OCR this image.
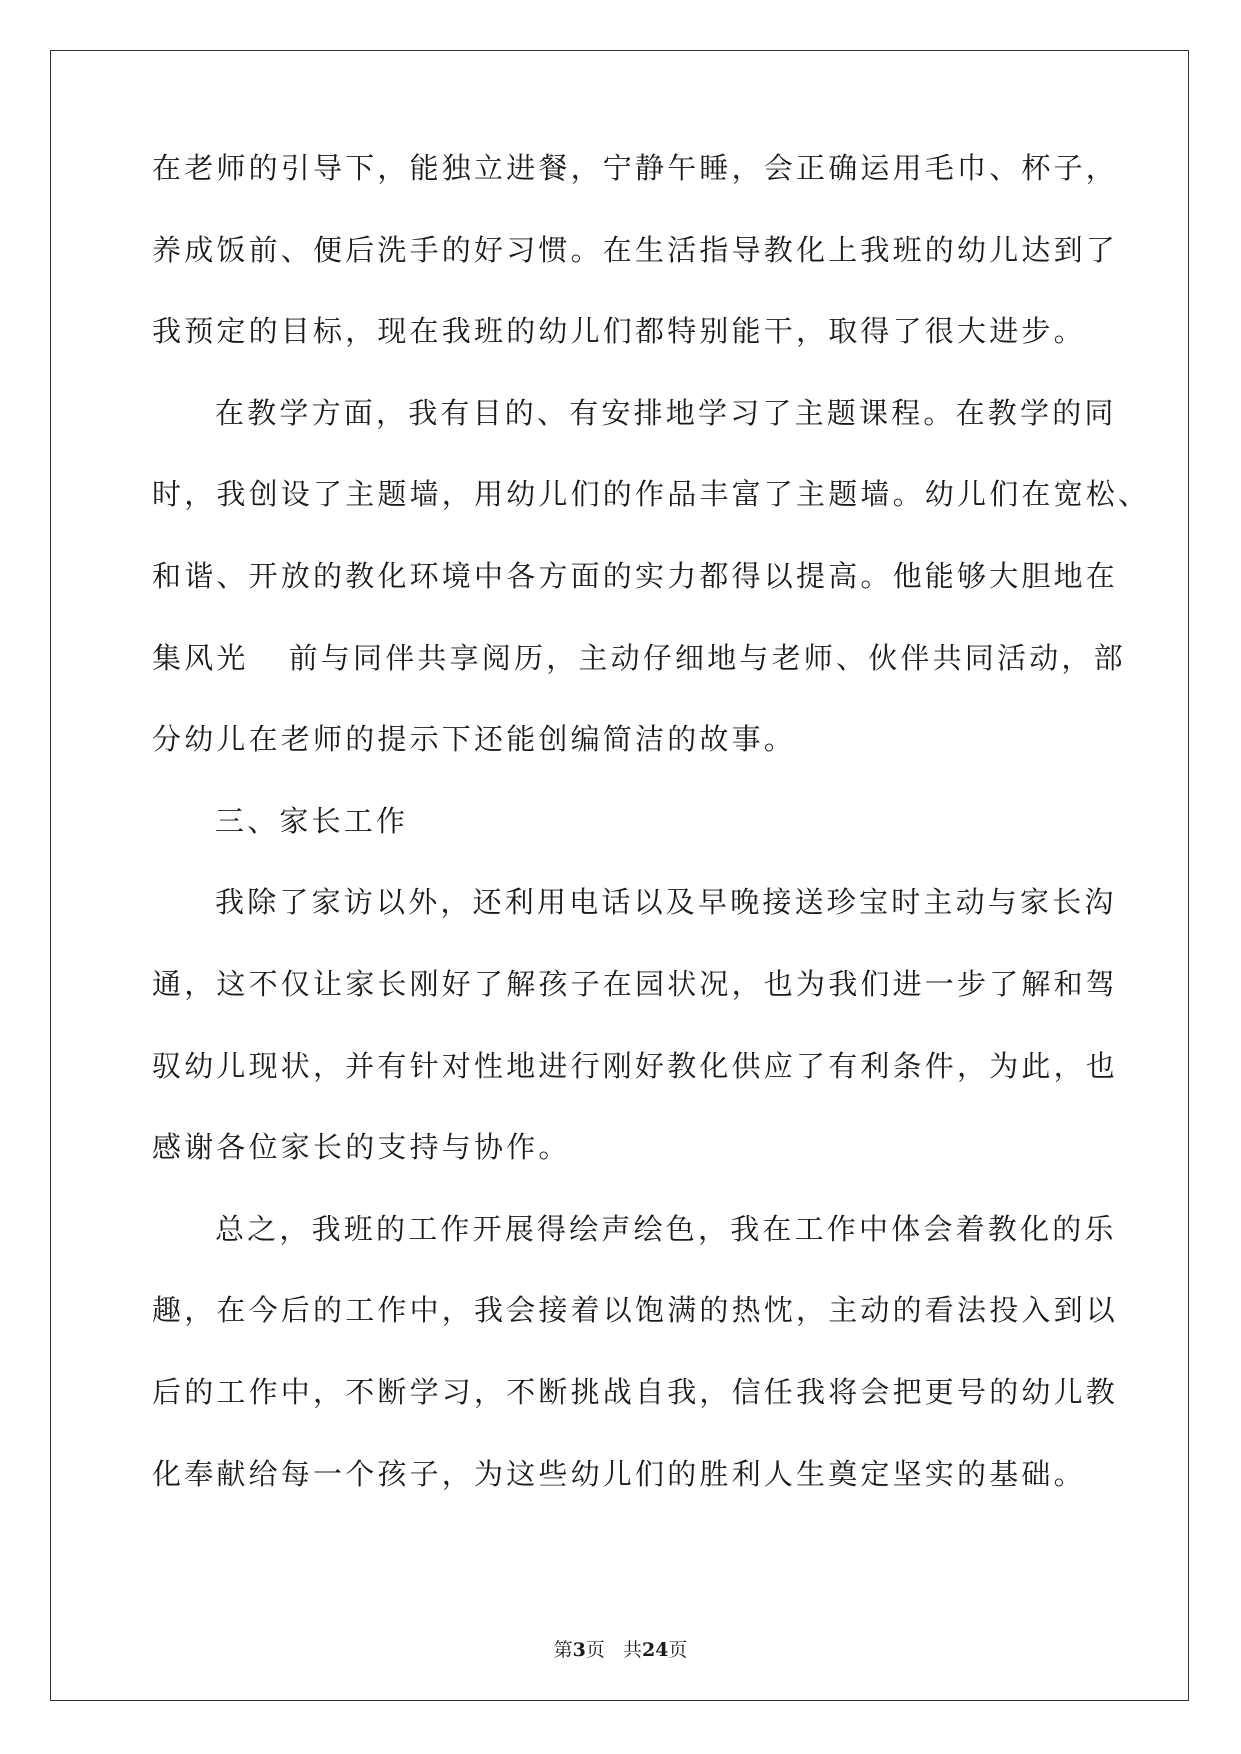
在老师的引导下，能独立进餐，宁静午睡，会正确运用毛巾、杯子，
养成饭前、便后洗手的好习惯。在生活指导教化上我班的幼儿达到了
我预定的目标，现在我班的幼儿们都特别能干，取得了很大进步。
在教学方面，我有目的、有安排地学习了主题课程。在教学的同
时，我创设了主题墙，用幼儿们的作品丰富了主题墙。幼儿们在宽松、
和谐、开放的教化环境中各方面的实力都得以提高。他能够大胆地在
集风光 前与同伴共享阅历，主动仔细地与老师、伙伴共同活动，部
分幼儿在老师的提示下还能创编简洁的故事。
三、家长工作
我除了家访以外，还利用电话以及早晚接送珍宝时主动与家长沟
通，这不仅让家长刚好了解孩子在园状况，也为我们进一步了解和驾
驭幼儿现状，并有针对性地进行刚好教化供应了有利条件，为此，也
感谢各位家长的支持与协作。
总之，我班的工作开展得绘声绘色，我在工作中体会着教化的乐
趣，在今后的工作中，我会接着以饱满的热忱，主动的看法投入到以
后的工作中，不断学习，不断挑战自我，信任我将会把更号的幼儿教
化奉献给每一个孩子，为这些幼儿们的胜利人生奠定坚实的基础。
第3页 共24页
